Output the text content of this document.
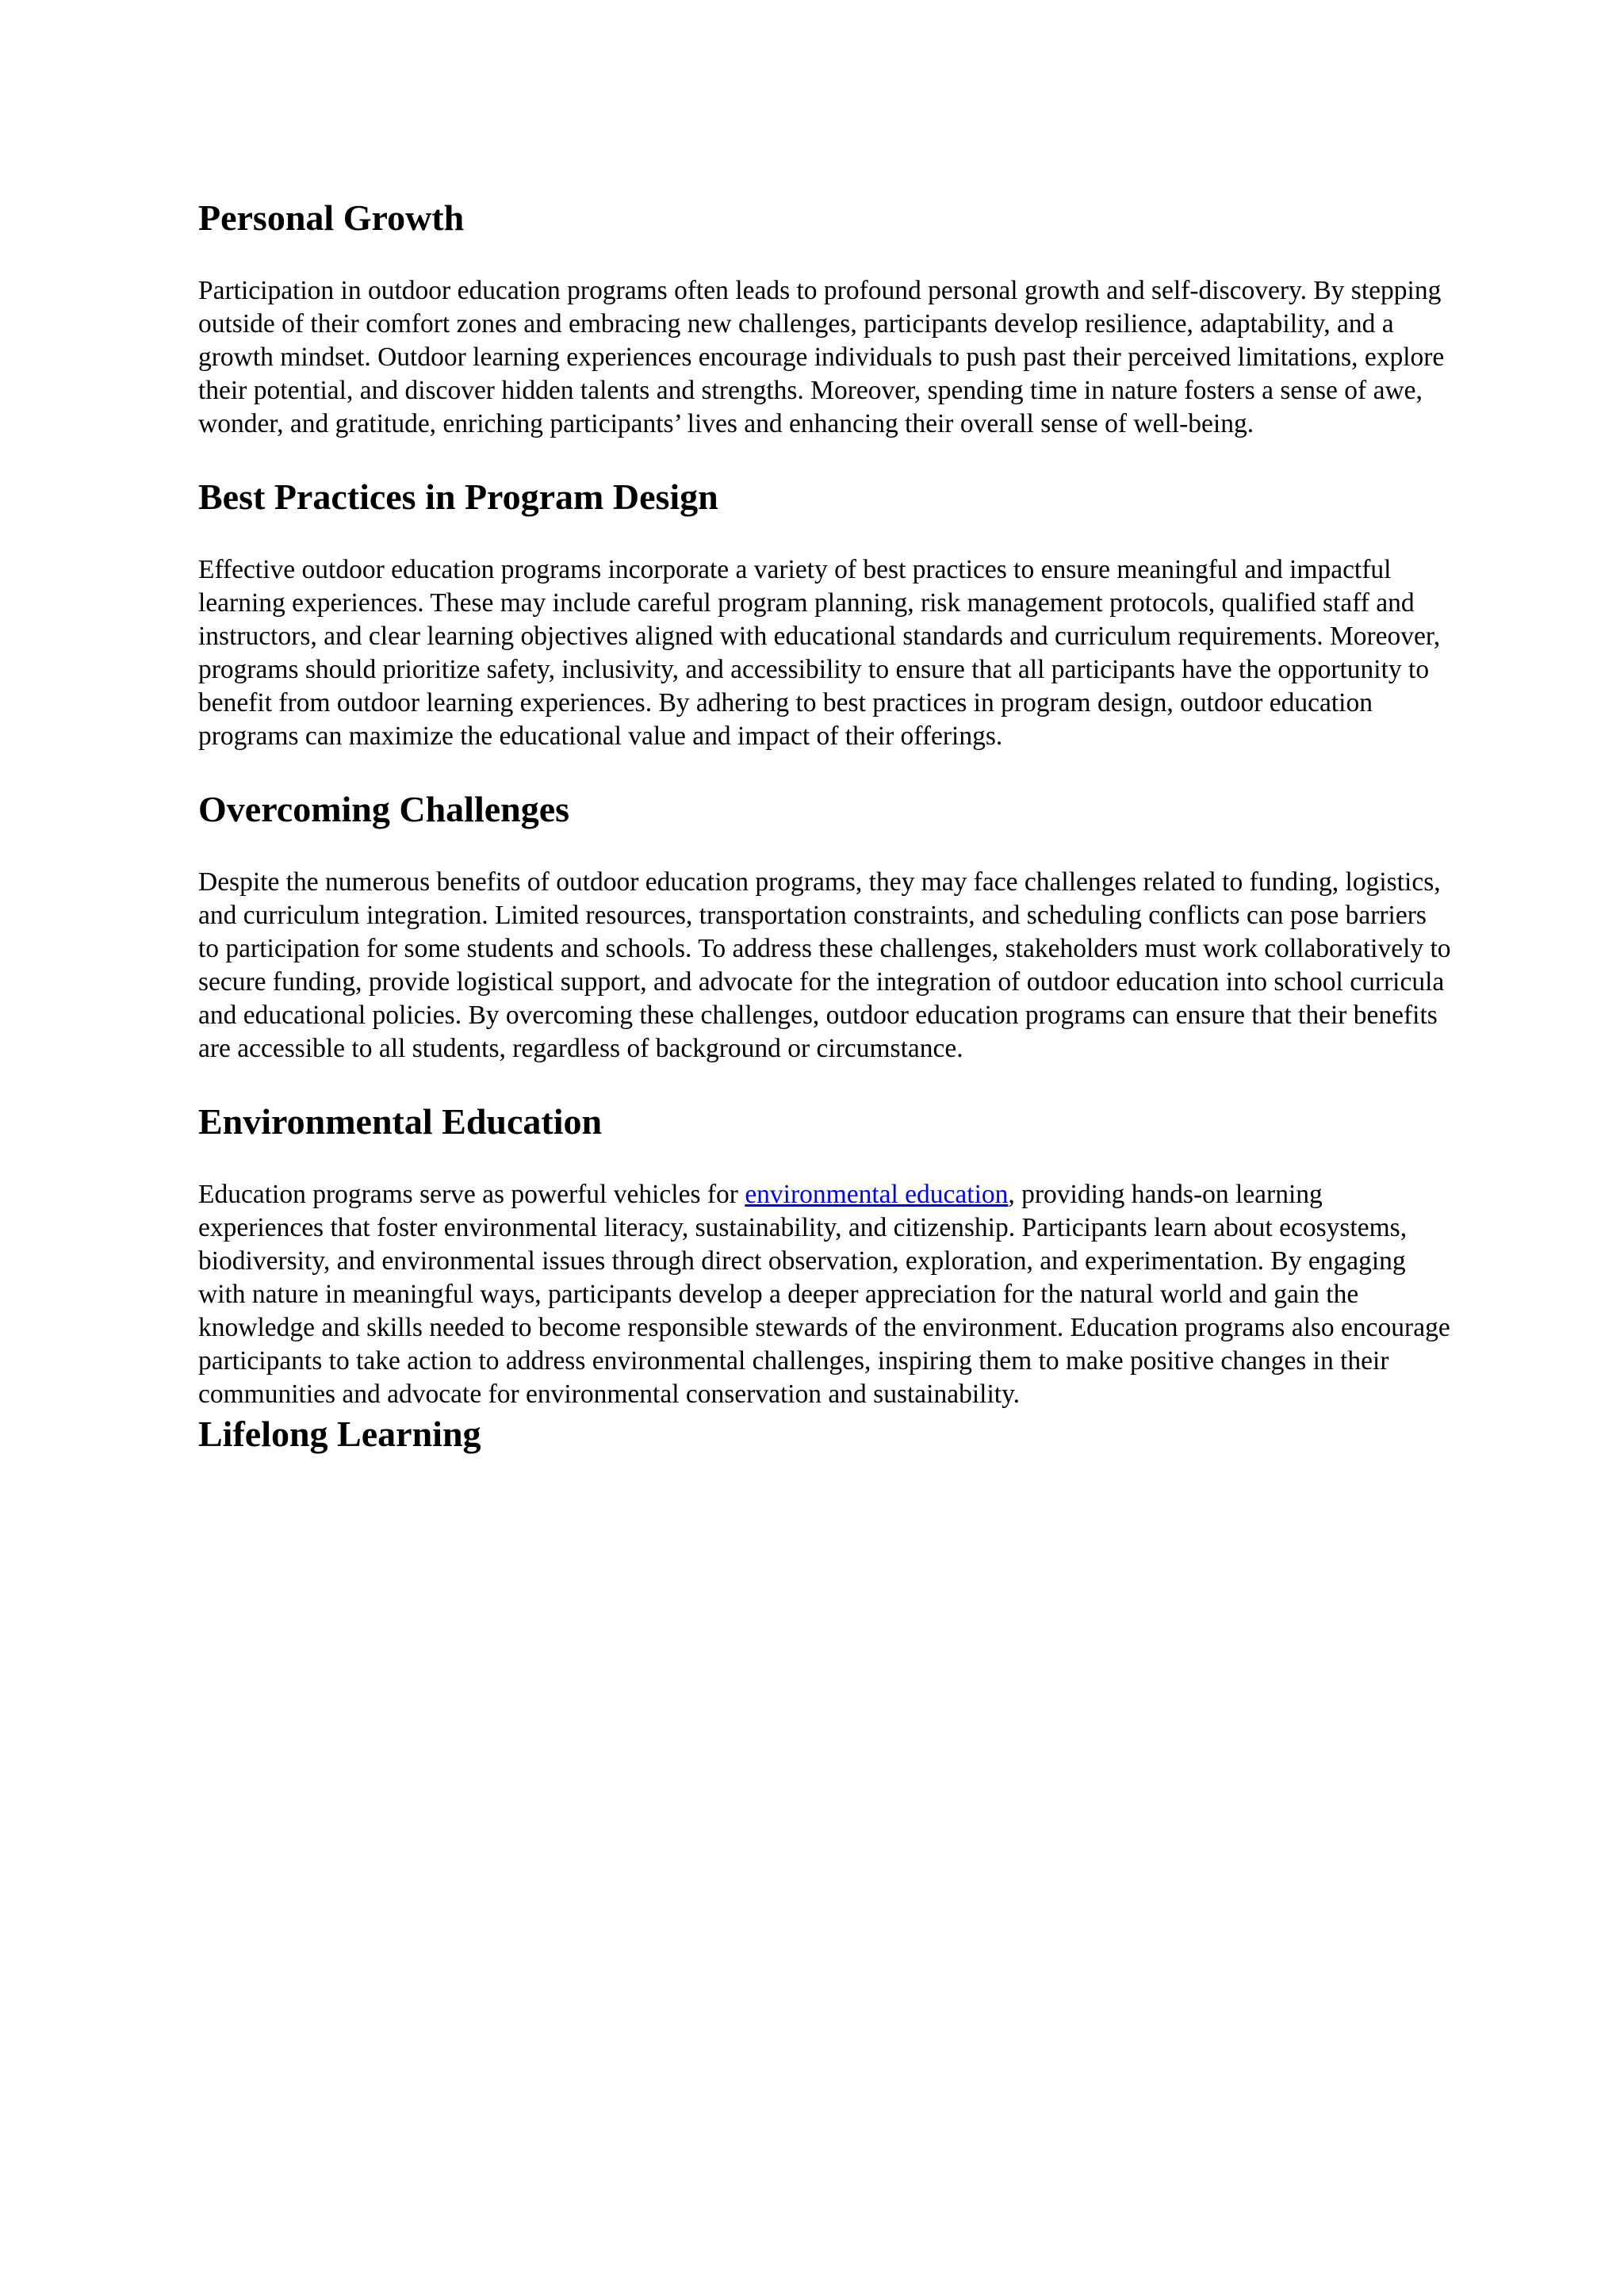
Personal Growth

Participation in outdoor education programs often leads to profound personal growth and self-discovery. By stepping outside of their comfort zones and embracing new challenges, participants develop resilience, adaptability, and a growth mindset. Outdoor learning experiences encourage individuals to push past their perceived limitations, explore their potential, and discover hidden talents and strengths. Moreover, spending time in nature fosters a sense of awe, wonder, and gratitude, enriching participants’ lives and enhancing their overall sense of well-being.

Best Practices in Program Design

Effective outdoor education programs incorporate a variety of best practices to ensure meaningful and impactful learning experiences. These may include careful program planning, risk management protocols, qualified staff and instructors, and clear learning objectives aligned with educational standards and curriculum requirements. Moreover, programs should prioritize safety, inclusivity, and accessibility to ensure that all participants have the opportunity to benefit from outdoor learning experiences. By adhering to best practices in program design, outdoor education programs can maximize the educational value and impact of their offerings.

Overcoming Challenges

Despite the numerous benefits of outdoor education programs, they may face challenges related to funding, logistics, and curriculum integration. Limited resources, transportation constraints, and scheduling conflicts can pose barriers to participation for some students and schools. To address these challenges, stakeholders must work collaboratively to secure funding, provide logistical support, and advocate for the integration of outdoor education into school curricula and educational policies. By overcoming these challenges, outdoor education programs can ensure that their benefits are accessible to all students, regardless of background or circumstance.

Environmental Education

Education programs serve as powerful vehicles for environmental education, providing hands-on learning experiences that foster environmental literacy, sustainability, and citizenship. Participants learn about ecosystems, biodiversity, and environmental issues through direct observation, exploration, and experimentation. By engaging with nature in meaningful ways, participants develop a deeper appreciation for the natural world and gain the knowledge and skills needed to become responsible stewards of the environment. Education programs also encourage participants to take action to address environmental challenges, inspiring them to make positive changes in their communities and advocate for environmental conservation and sustainability.

Lifelong Learning
